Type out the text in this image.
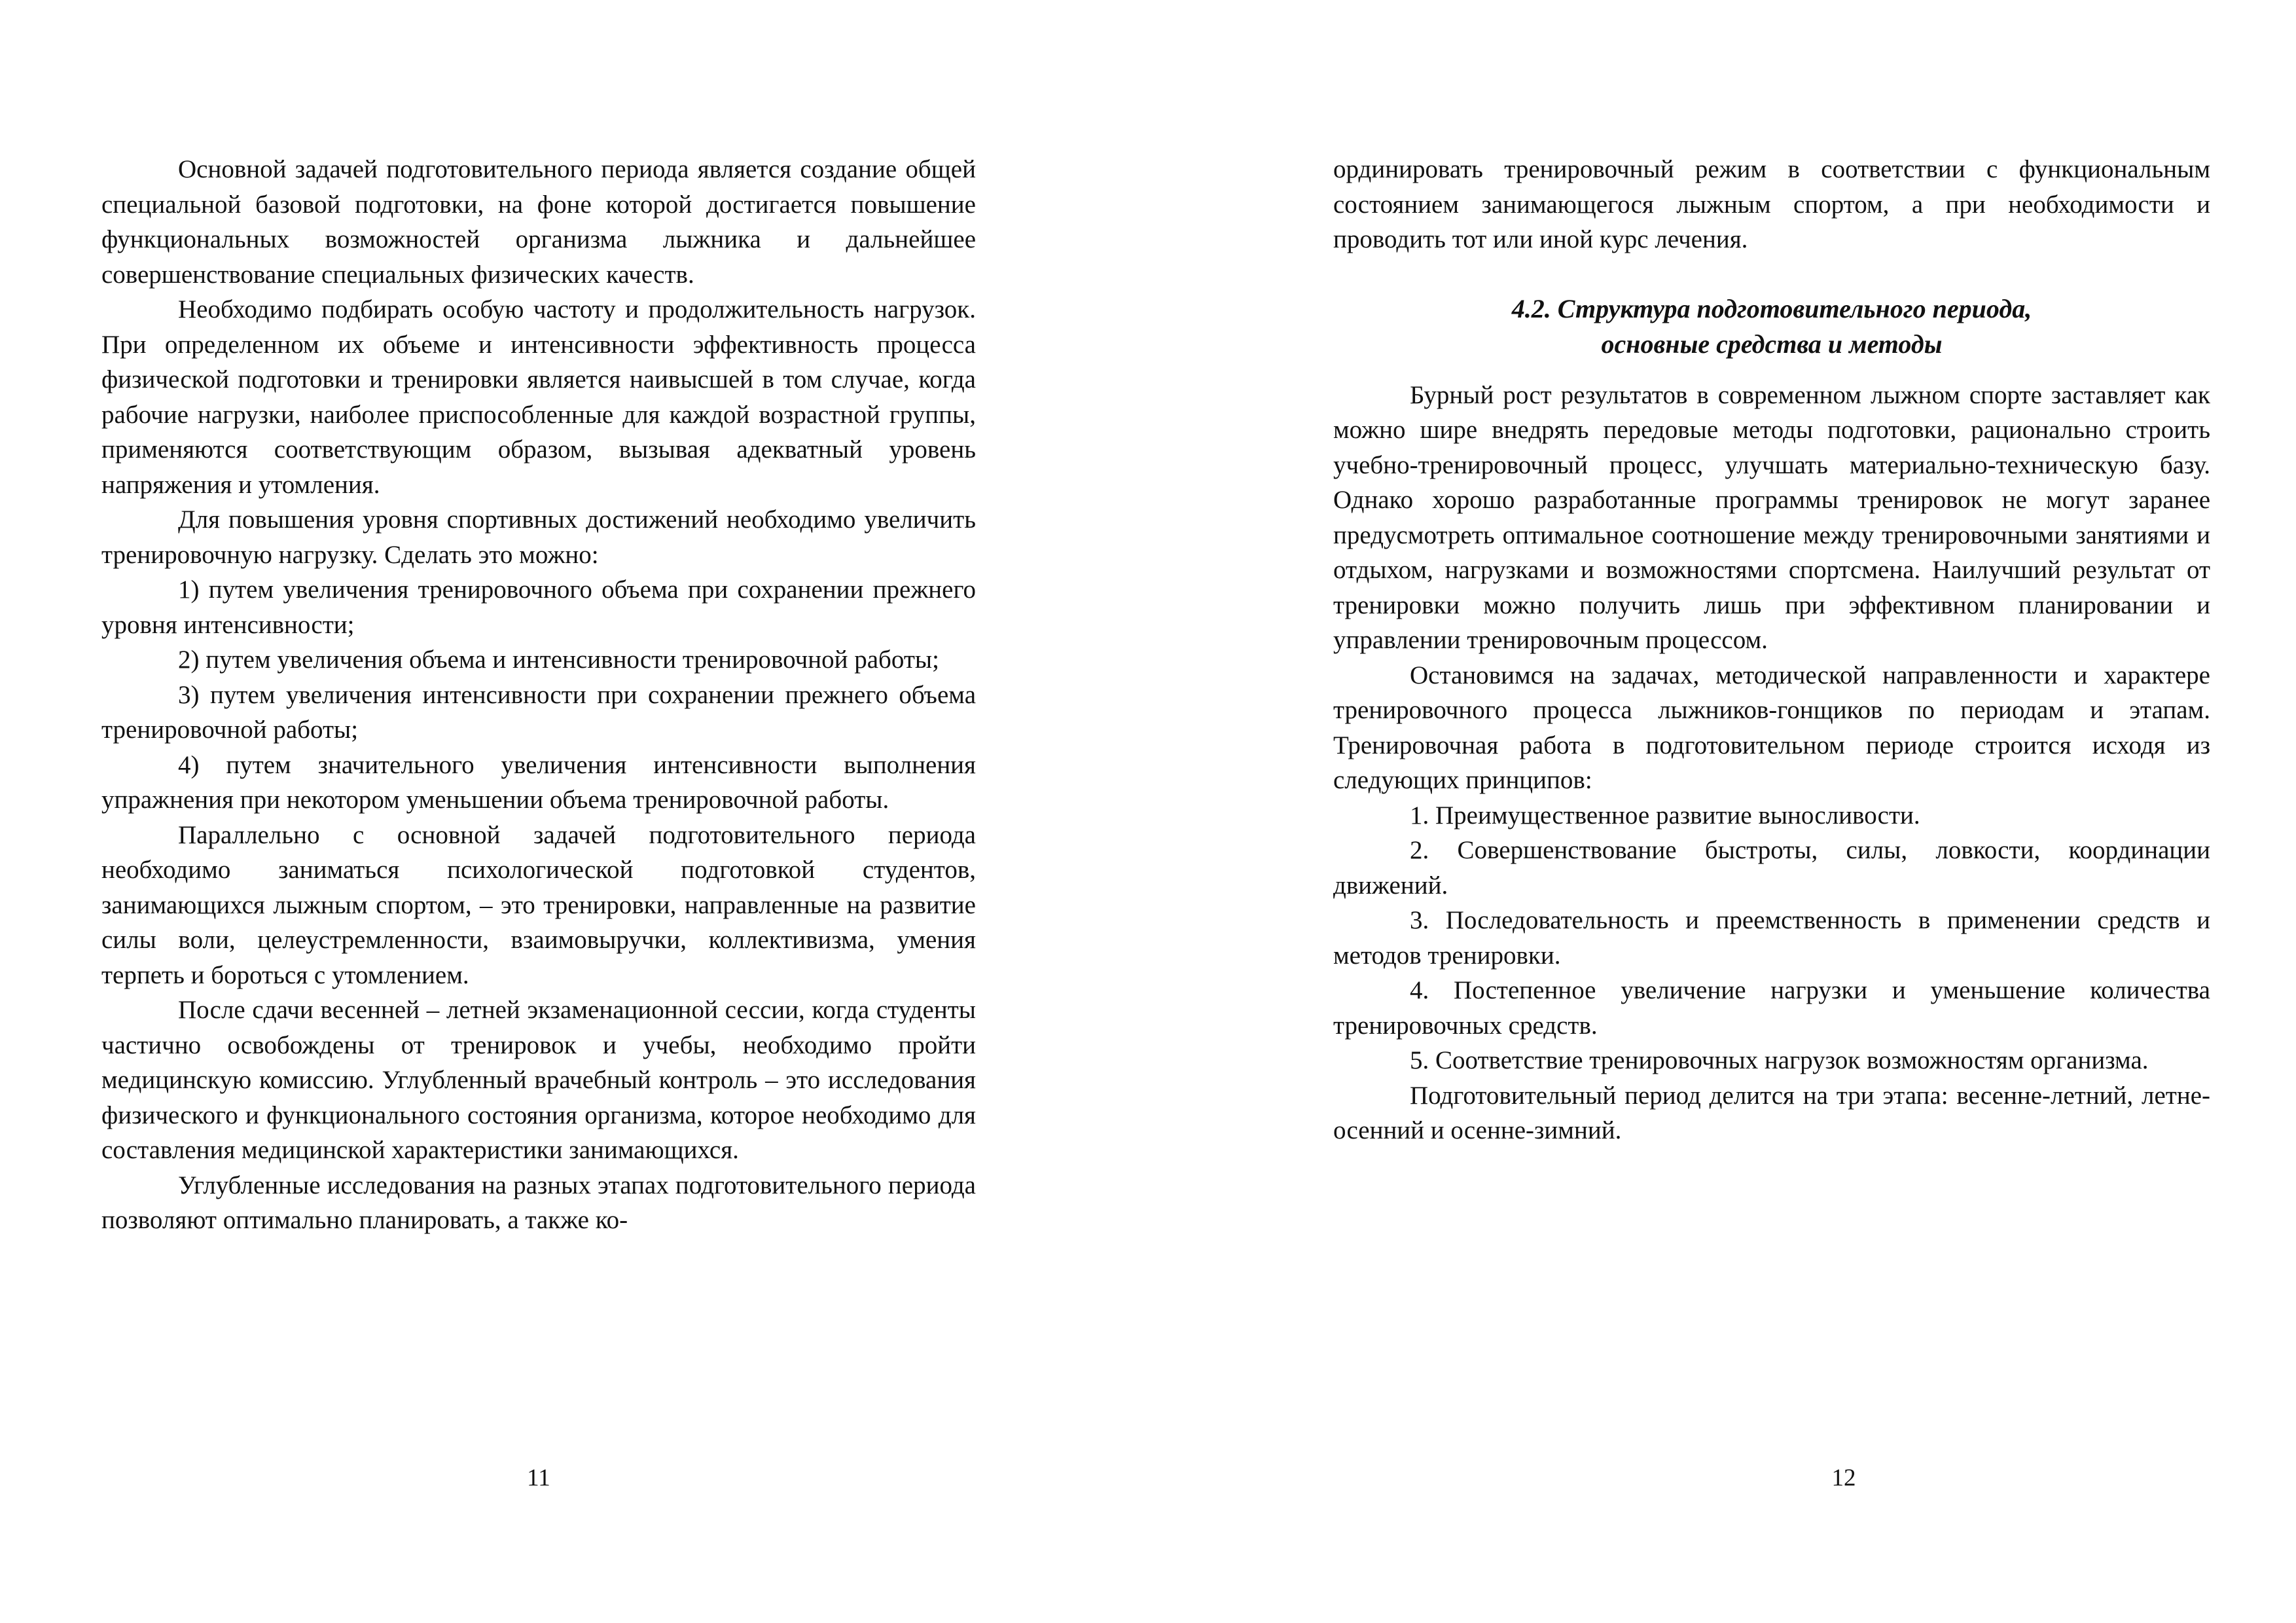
Основной задачей подготовительного периода является создание общей специальной базовой подготовки, на фоне которой достигается повышение функциональных возможностей организма лыжника и дальнейшее совершенствование специальных физических качеств.

Необходимо подбирать особую частоту и продолжительность нагрузок. При определенном их объеме и интенсивности эффективность процесса физической подготовки и тренировки является наивысшей в том случае, когда рабочие нагрузки, наиболее приспособленные для каждой возрастной группы, применяются соответствующим образом, вызывая адекватный уровень напряжения и утомления.

Для повышения уровня спортивных достижений необходимо увеличить тренировочную нагрузку. Сделать это можно:

1) путем увеличения тренировочного объема при сохранении прежнего уровня интенсивности;

2) путем увеличения объема и интенсивности тренировочной работы;

3) путем увеличения интенсивности при сохранении прежнего объема тренировочной работы;

4) путем значительного увеличения интенсивности выполнения упражнения при некотором уменьшении объема тренировочной работы.

Параллельно с основной задачей подготовительного периода необходимо заниматься психологической подготовкой студентов, занимающихся лыжным спортом, – это тренировки, направленные на развитие силы воли, целеустремленности, взаимовыручки, коллективизма, умения терпеть и бороться с утомлением.

После сдачи весенней – летней экзаменационной сессии, когда студенты частично освобождены от тренировок и учебы, необходимо пройти медицинскую комиссию. Углубленный врачебный контроль – это исследования физического и функционального состояния организма, которое необходимо для составления медицинской характеристики занимающихся.

Углубленные исследования на разных этапах подготовительного периода позволяют оптимально планировать, а также ко-

11

ординировать тренировочный режим в соответствии с функциональным состоянием занимающегося лыжным спортом, а при необходимости и проводить тот или иной курс лечения.

4.2. Структура подготовительного периода,
основные средства и методы

Бурный рост результатов в современном лыжном спорте заставляет как можно шире внедрять передовые методы подготовки, рационально строить учебно-тренировочный процесс, улучшать материально-техническую базу. Однако хорошо разработанные программы тренировок не могут заранее предусмотреть оптимальное соотношение между тренировочными занятиями и отдыхом, нагрузками и возможностями спортсмена. Наилучший результат от тренировки можно получить лишь при эффективном планировании и управлении тренировочным процессом.

Остановимся на задачах, методической направленности и характере тренировочного процесса лыжников-гонщиков по периодам и этапам. Тренировочная работа в подготовительном периоде строится исходя из следующих принципов:

1. Преимущественное развитие выносливости.

2. Совершенствование быстроты, силы, ловкости, координации движений.

3. Последовательность и преемственность в применении средств и методов тренировки.

4. Постепенное увеличение нагрузки и уменьшение количества тренировочных средств.

5. Соответствие тренировочных нагрузок возможностям организма.

Подготовительный период делится на три этапа: весенне-летний, летне-осенний и осенне-зимний.

12
